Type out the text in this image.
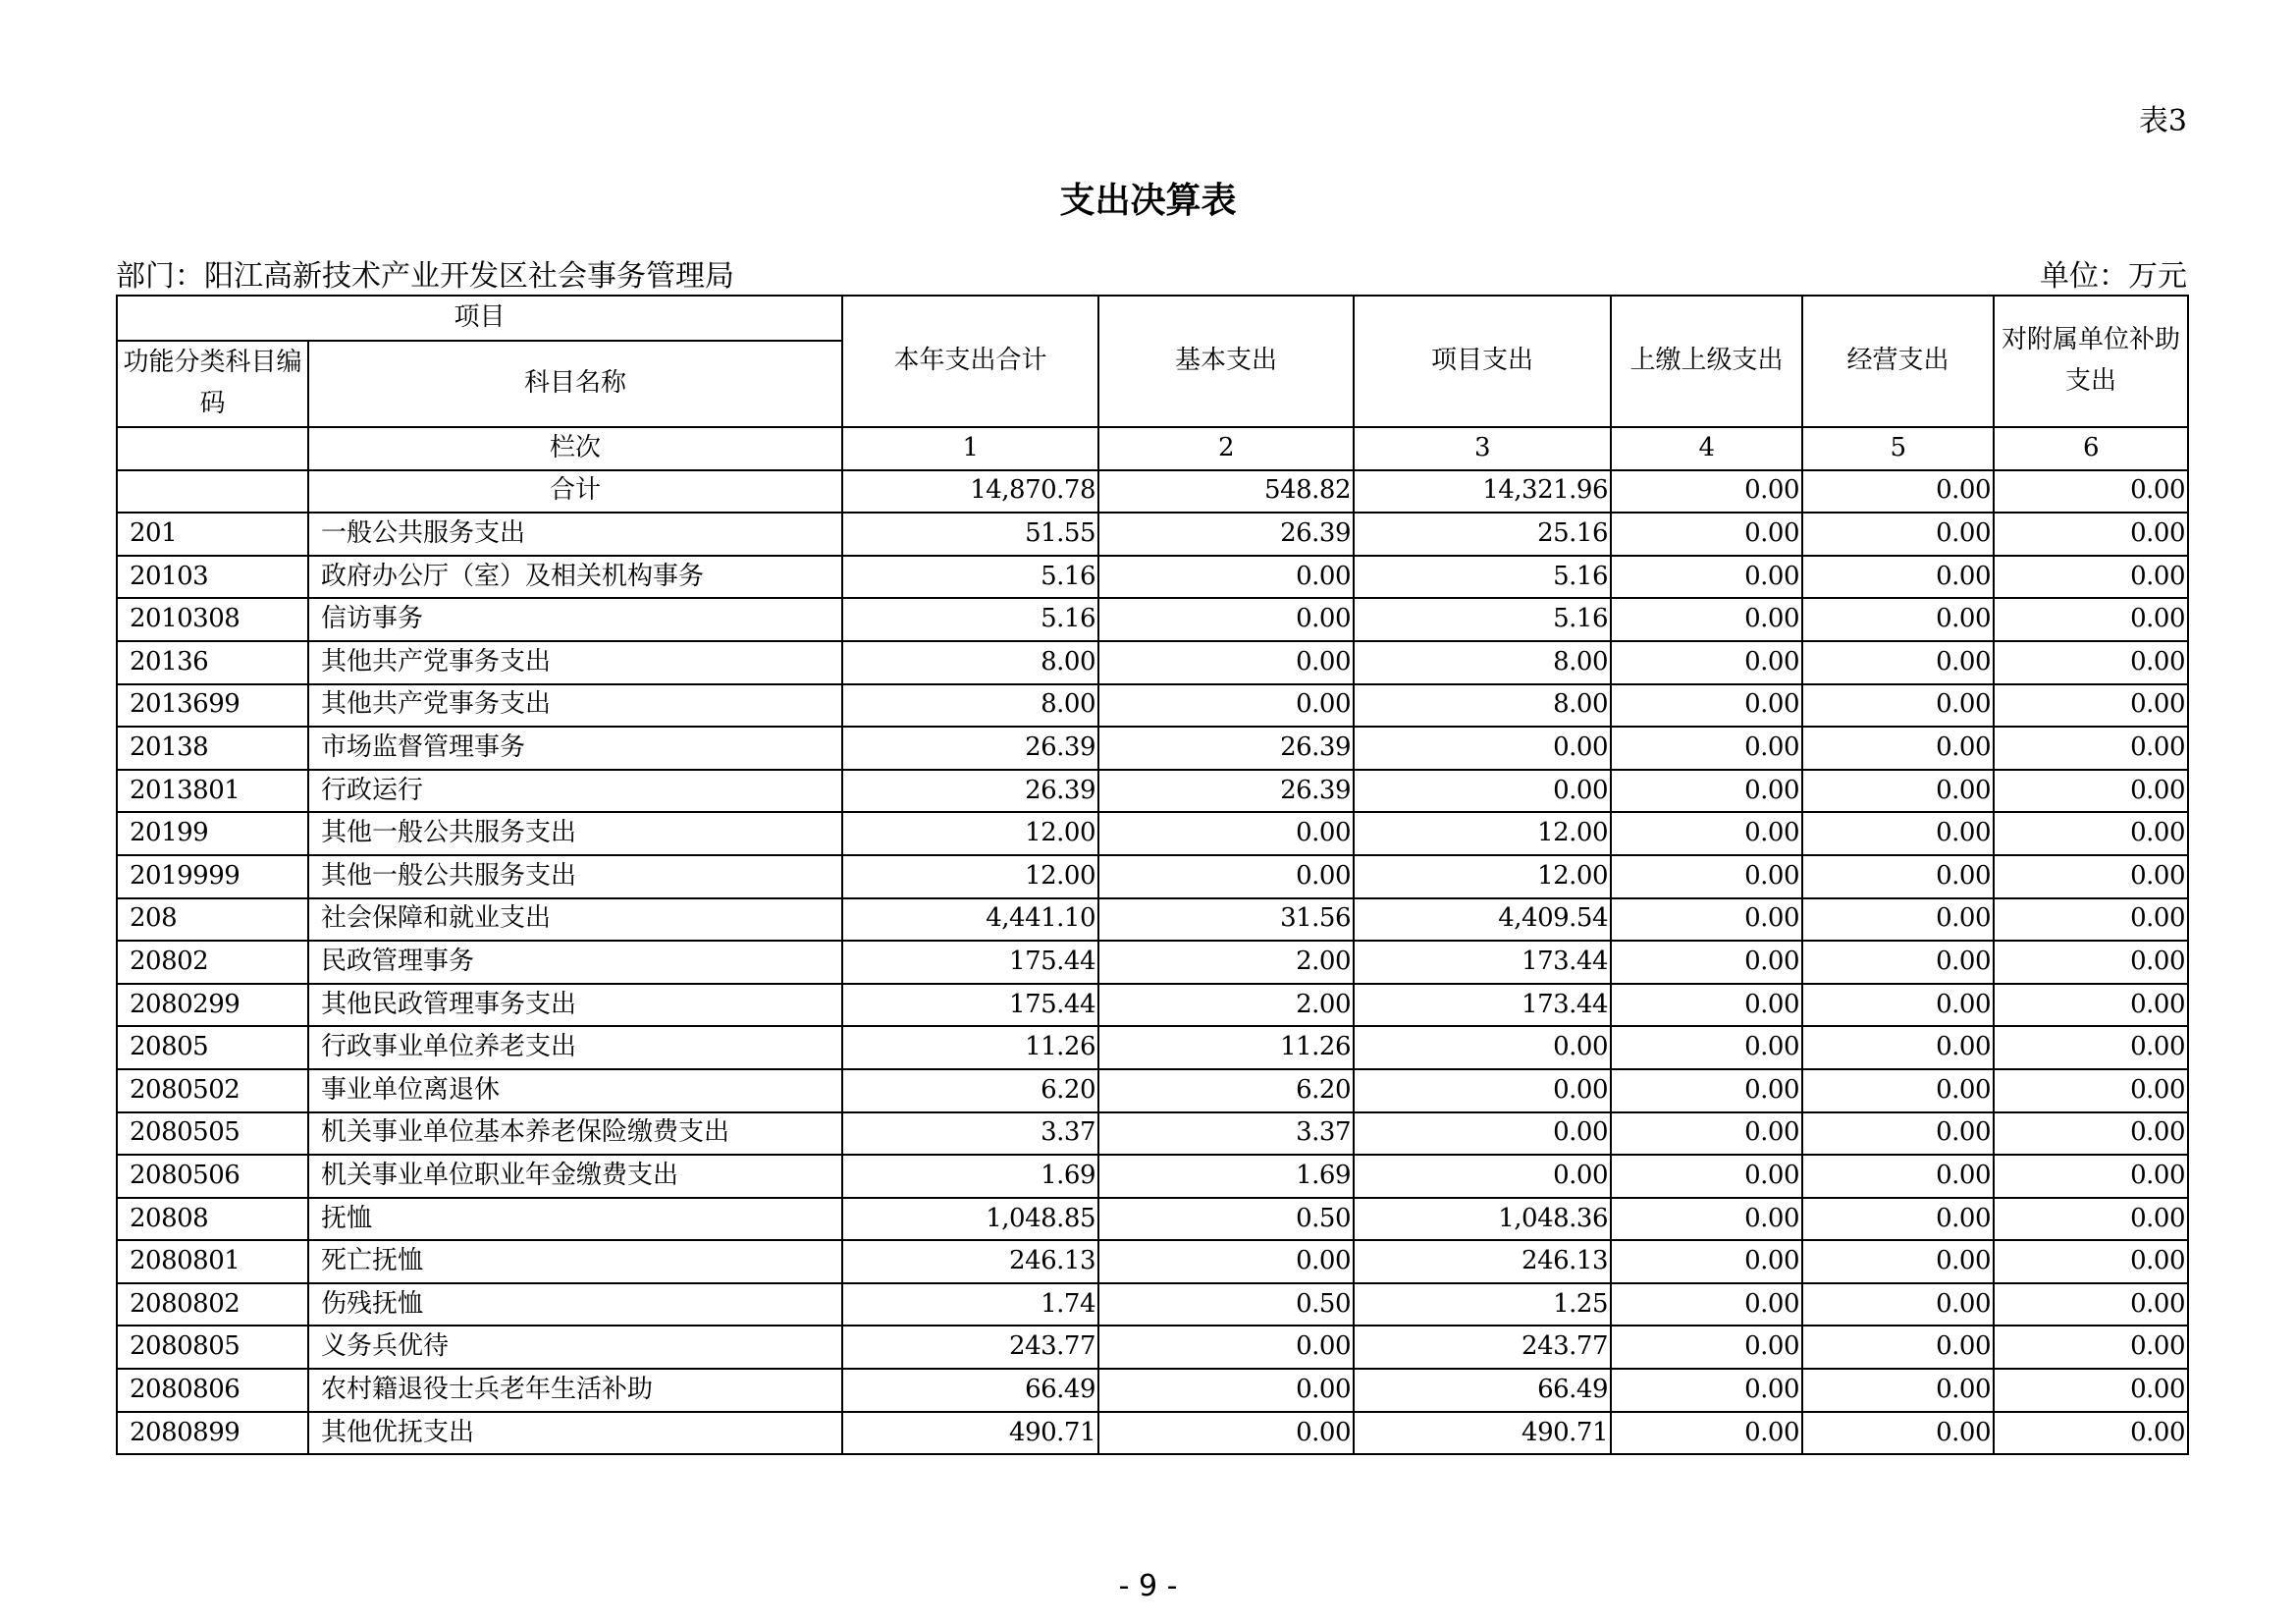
表3
支出决算表
部门：阳江高新技术产业开发区社会事务管理局	单位：万元
项目		本年支出合计	基本支出	项目支出	上缴上级支出	经营支出	对附属单位补助支出
功能分类科目编码	科目名称						
	栏次	1	2	3	4	5	6
	合计	14,870.78	548.82	14,321.96	0.00	0.00	0.00
201	一般公共服务支出	51.55	26.39	25.16	0.00	0.00	0.00
20103	政府办公厅（室）及相关机构事务	5.16	0.00	5.16	0.00	0.00	0.00
2010308	信访事务	5.16	0.00	5.16	0.00	0.00	0.00
20136	其他共产党事务支出	8.00	0.00	8.00	0.00	0.00	0.00
2013699	其他共产党事务支出	8.00	0.00	8.00	0.00	0.00	0.00
20138	市场监督管理事务	26.39	26.39	0.00	0.00	0.00	0.00
2013801	行政运行	26.39	26.39	0.00	0.00	0.00	0.00
20199	其他一般公共服务支出	12.00	0.00	12.00	0.00	0.00	0.00
2019999	其他一般公共服务支出	12.00	0.00	12.00	0.00	0.00	0.00
208	社会保障和就业支出	4,441.10	31.56	4,409.54	0.00	0.00	0.00
20802	民政管理事务	175.44	2.00	173.44	0.00	0.00	0.00
2080299	其他民政管理事务支出	175.44	2.00	173.44	0.00	0.00	0.00
20805	行政事业单位养老支出	11.26	11.26	0.00	0.00	0.00	0.00
2080502	事业单位离退休	6.20	6.20	0.00	0.00	0.00	0.00
2080505	机关事业单位基本养老保险缴费支出	3.37	3.37	0.00	0.00	0.00	0.00
2080506	机关事业单位职业年金缴费支出	1.69	1.69	0.00	0.00	0.00	0.00
20808	抚恤	1,048.85	0.50	1,048.36	0.00	0.00	0.00
2080801	死亡抚恤	246.13	0.00	246.13	0.00	0.00	0.00
2080802	伤残抚恤	1.74	0.50	1.25	0.00	0.00	0.00
2080805	义务兵优待	243.77	0.00	243.77	0.00	0.00	0.00
2080806	农村籍退役士兵老年生活补助	66.49	0.00	66.49	0.00	0.00	0.00
2080899	其他优抚支出	490.71	0.00	490.71	0.00	0.00	0.00
- 9 -
